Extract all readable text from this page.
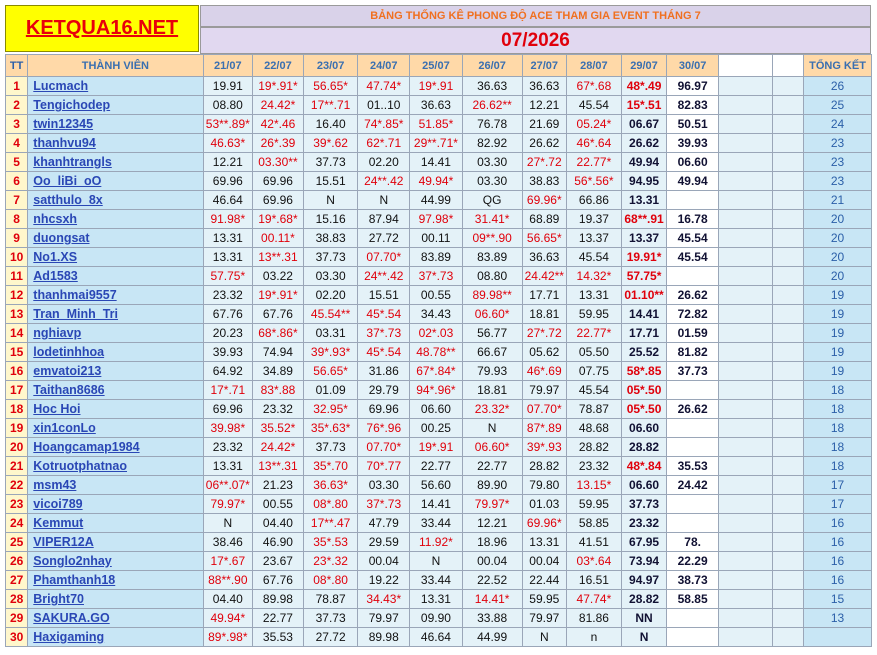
KETQUA16.NET
BẢNG THỐNG KÊ PHONG ĐỘ ACE THAM GIA EVENT THÁNG 7
07/2026
TT	THÀNH VIÊN	21/07	22/07	23/07	24/07	25/07	26/07	27/07	28/07	29/07	30/07			TỔNG KẾT
1	Lucmach	19.91	19*.91*	56.65*	47.74*	19*.91	36.63	36.63	67*.68	48*.49	96.97			26
2	Tengichodep	08.80	24.42*	17**.71	01..10	36.63	26.62**	12.21	45.54	15*.51	82.83			25
3	twin12345	53**.89*	42*.46	16.40	74*.85*	51.85*	76.78	21.69	05.24*	06.67	50.51			24
4	thanhvu94	46.63*	26*.39	39*.62	62*.71	29**.71*	82.92	26.62	46*.64	26.62	39.93			23
5	khanhtrangls	12.21	03.30**	37.73	02.20	14.41	03.30	27*.72	22.77*	49.94	06.60			23
6	Oo_liBi_oO	69.96	69.96	15.51	24**.42	49.94*	03.30	38.83	56*.56*	94.95	49.94			23
7	satthulo_8x	46.64	69.96	N	N	44.99	QG	69.96*	66.86	13.31				21
8	nhcsxh	91.98*	19*.68*	15.16	87.94	97.98*	31.41*	68.89	19.37	68**.91	16.78			20
9	duongsat	13.31	00.11*	38.83	27.72	00.11	09**.90	56.65*	13.37	13.37	45.54			20
10	No1.XS	13.31	13**.31	37.73	07.70*	83.89	83.89	36.63	45.54	19.91*	45.54			20
11	Ad1583	57.75*	03.22	03.30	24**.42	37*.73	08.80	24.42**	14.32*	57.75*				20
12	thanhmai9557	23.32	19*.91*	02.20	15.51	00.55	89.98**	17.71	13.31	01.10**	26.62			19
13	Tran_Minh_Tri	67.76	67.76	45.54**	45*.54	34.43	06.60*	18.81	59.95	14.41	72.82			19
14	nghiavp	20.23	68*.86*	03.31	37*.73	02*.03	56.77	27*.72	22.77*	17.71	01.59			19
15	lodetinhhoa	39.93	74.94	39*.93*	45*.54	48.78**	66.67	05.62	05.50	25.52	81.82			19
16	emvatoi213	64.92	34.89	56.65*	31.86	67*.84*	79.93	46*.69	07.75	58*.85	37.73			19
17	Taithan8686	17*.71	83*.88	01.09	29.79	94*.96*	18.81	79.97	45.54	05*.50				18
18	Hoc Hoi	69.96	23.32	32.95*	69.96	06.60	23.32*	07.70*	78.87	05*.50	26.62			18
19	xin1conLo	39.98*	35.52*	35*.63*	76*.96	00.25	N	87*.89	48.68	06.60				18
20	Hoangcamap1984	23.32	24.42*	37.73	07.70*	19*.91	06.60*	39*.93	28.82	28.82				18
21	Kotruotphatnao	13.31	13**.31	35*.70	70*.77	22.77	22.77	28.82	23.32	48*.84	35.53			18
22	msm43	06**.07*	21.23	36.63*	03.30	56.60	89.90	79.80	13.15*	06.60	24.42			17
23	vicoi789	79.97*	00.55	08*.80	37*.73	14.41	79.97*	01.03	59.95	37.73				17
24	Kemmut	N	04.40	17**.47	47.79	33.44	12.21	69.96*	58.85	23.32				16
25	VIPER12A	38.46	46.90	35*.53	29.59	11.92*	18.96	13.31	41.51	67.95	78.			16
26	Songlo2nhay	17*.67	23.67	23*.32	00.04	N	00.04	00.04	03*.64	73.94	22.29			16
27	Phamthanh18	88**.90	67.76	08*.80	19.22	33.44	22.52	22.44	16.51	94.97	38.73			16
28	Bright70	04.40	89.98	78.87	34.43*	13.31	14.41*	59.95	47.74*	28.82	58.85			15
29	SAKURA.GO	49.94*	22.77	37.73	79.97	09.90	33.88	79.97	81.86	NN				13
30	Haxigaming	89*.98*	35.53	27.72	89.98	46.64	44.99	N	n	N				
